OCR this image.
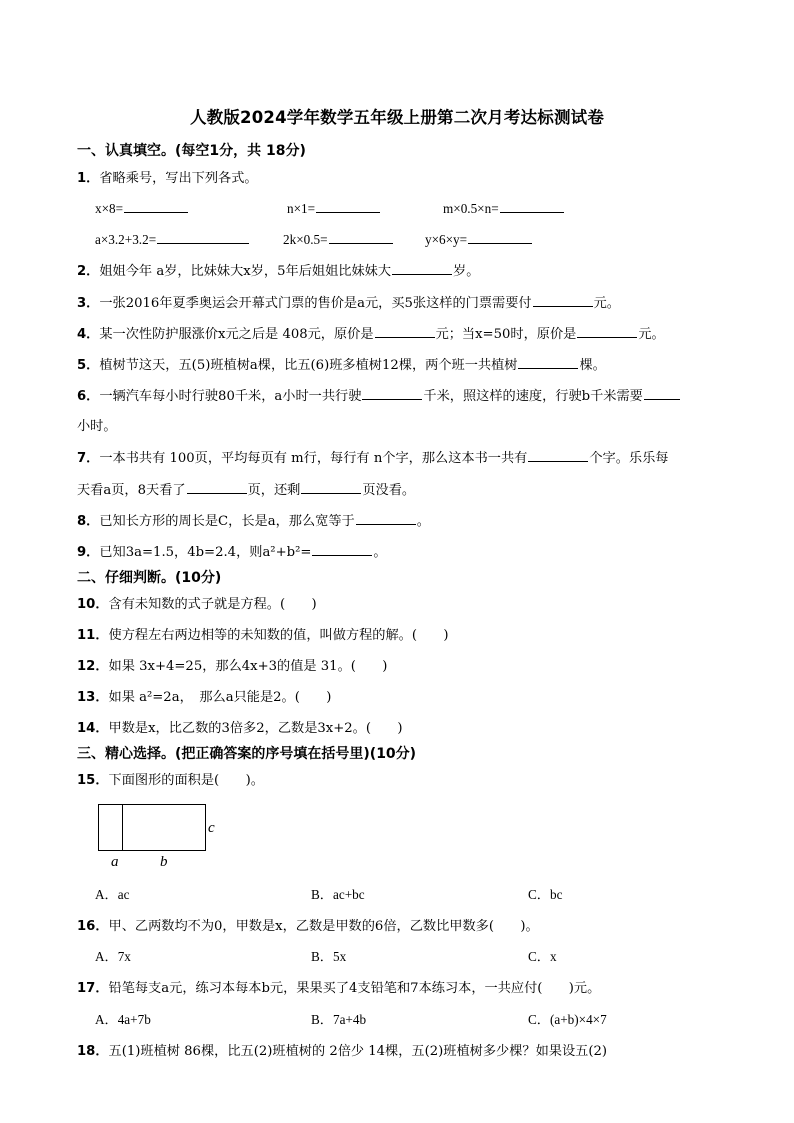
人教版2024学年数学五年级上册第二次月考达标测试卷
一、认真填空。(每空1分，共 18分)
1．省略乘号，写出下列各式。
x×8=	n×1=	m×0.5×n=
a×3.2+3.2=	2k×0.5=	y×6×y=
2．姐姐今年 a岁，比妹妹大x岁，5年后姐姐比妹妹大	岁。
3．一张2016年夏季奥运会开幕式门票的售价是a元，买5张这样的门票需要付	元。
4．某一次性防护服涨价x元之后是 408元，原价是	元；当x=50时，原价是	元。
5．植树节这天，五(5)班植树a棵，比五(6)班多植树12棵，两个班一共植树	棵。
6．一辆汽车每小时行驶80千米，a小时一共行驶	千米，照这样的速度，行驶b千米需要
小时。
7．一本书共有 100页，平均每页有 m行，每行有 n个字，那么这本书一共有	个字。乐乐每
天看a页，8天看了	页，还剩	页没看。
8．已知长方形的周长是C，长是a，那么宽等于	。
9．已知3a=1.5，4b=2.4，则a²+b²=	。
二、仔细判断。(10分)
10．含有未知数的式子就是方程。(　　)
11．使方程左右两边相等的未知数的值，叫做方程的解。(　　)
12．如果 3x+4=25，那么4x+3的值是 31。(　　)
13．如果 a²=2a，　那么a只能是2。(　　)
14．甲数是x，比乙数的3倍多2，乙数是3x+2。(　　)
三、精心选择。(把正确答案的序号填在括号里)(10分)
15．下面图形的面积是(　　)。
a	b
c
A．ac	B．ac+bc	C．bc
16．甲、乙两数均不为0，甲数是x，乙数是甲数的6倍，乙数比甲数多(　　)。
A．7x	B．5x	C．x
17．铅笔每支a元，练习本每本b元，果果买了4支铅笔和7本练习本，一共应付(　　)元。
A．4a+7b	B．7a+4b	C．(a+b)×4×7
18．五(1)班植树 86棵，比五(2)班植树的 2倍少 14棵，五(2)班植树多少棵？如果设五(2)
